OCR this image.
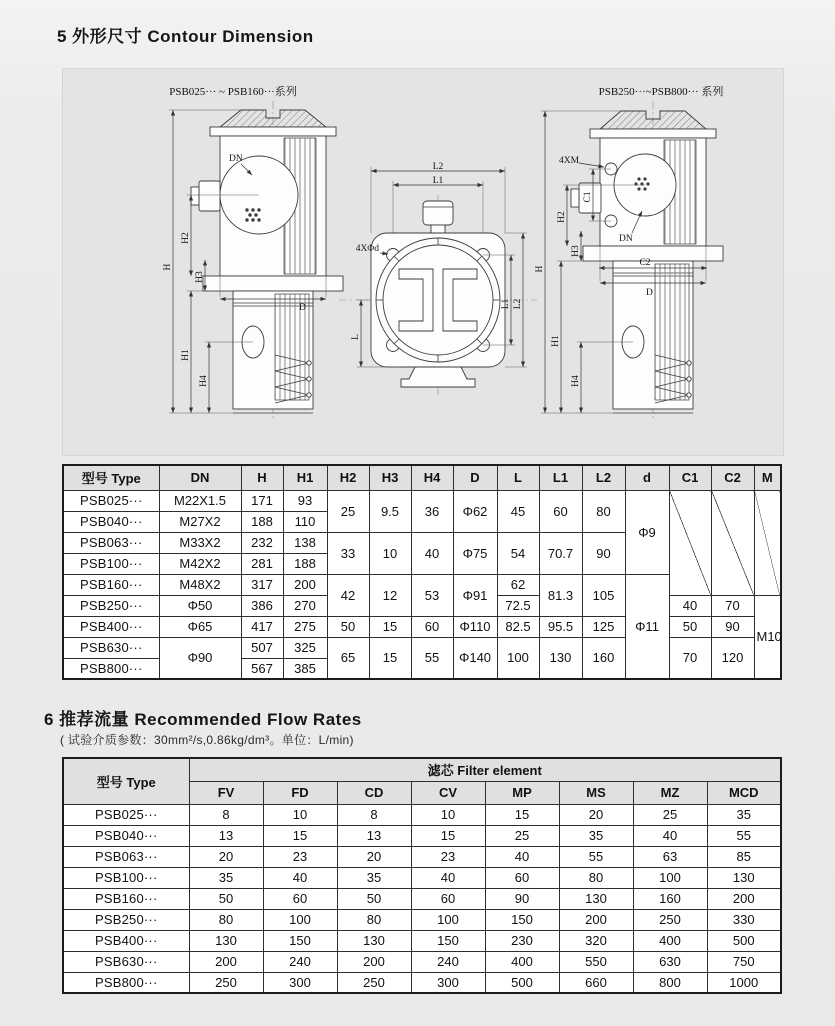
5 外形尺寸 Contour Dimension
PSB025··· ~ PSB160···系列	PSB250···~PSB800··· 系列
H
H2
H3
H1
H4
D
DN
L2
L1
4XΦd
L
L1 L2
H
H2
H3
C1
4XM
DN
C2
D
H1
H4
型号 Type	DN	H	H1	H2	H3	H4	D	L	L1	L2	d	C1	C2	M
PSB025···	M22X1.5	171	93	25	9.5	36	Φ62	45	60	80	Φ9			
PSB040···	M27X2	188	110											
PSB063···	M33X2	232	138	33	10	40	Φ75	54	70.7	90				
PSB100···	M42X2	281	188											
PSB160···	M48X2	317	200	42	12	53	Φ91	62	81.3	105	Φ11			
PSB250···	Φ50	386	270					72.5				40	70	M10
PSB400···	Φ65	417	275	50	15	60	Φ110	82.5	95.5	125		50	90	
PSB630···	Φ90	507	325	65	15	55	Φ140	100	130	160		70	120	
PSB800···		567	385											
6 推荐流量 Recommended Flow Rates
( 试验介质参数：30mm²/s,0.86kg/dm³。单位：L/min)
型号 Type	滤芯 Filter element							
	FV	FD	CD	CV	MP	MS	MZ	MCD
PSB025···	8	10	8	10	15	20	25	35
PSB040···	13	15	13	15	25	35	40	55
PSB063···	20	23	20	23	40	55	63	85
PSB100···	35	40	35	40	60	80	100	130
PSB160···	50	60	50	60	90	130	160	200
PSB250···	80	100	80	100	150	200	250	330
PSB400···	130	150	130	150	230	320	400	500
PSB630···	200	240	200	240	400	550	630	750
PSB800···	250	300	250	300	500	660	800	1000
